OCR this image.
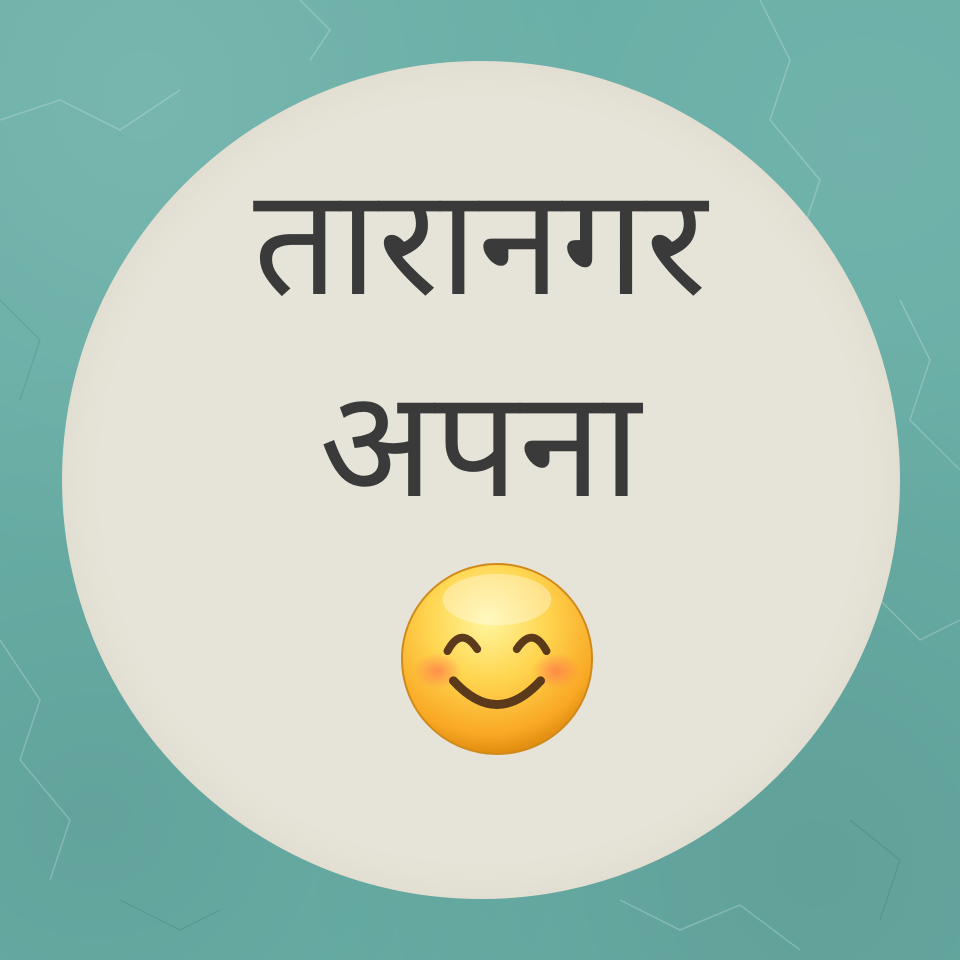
तारानगर
अपना
